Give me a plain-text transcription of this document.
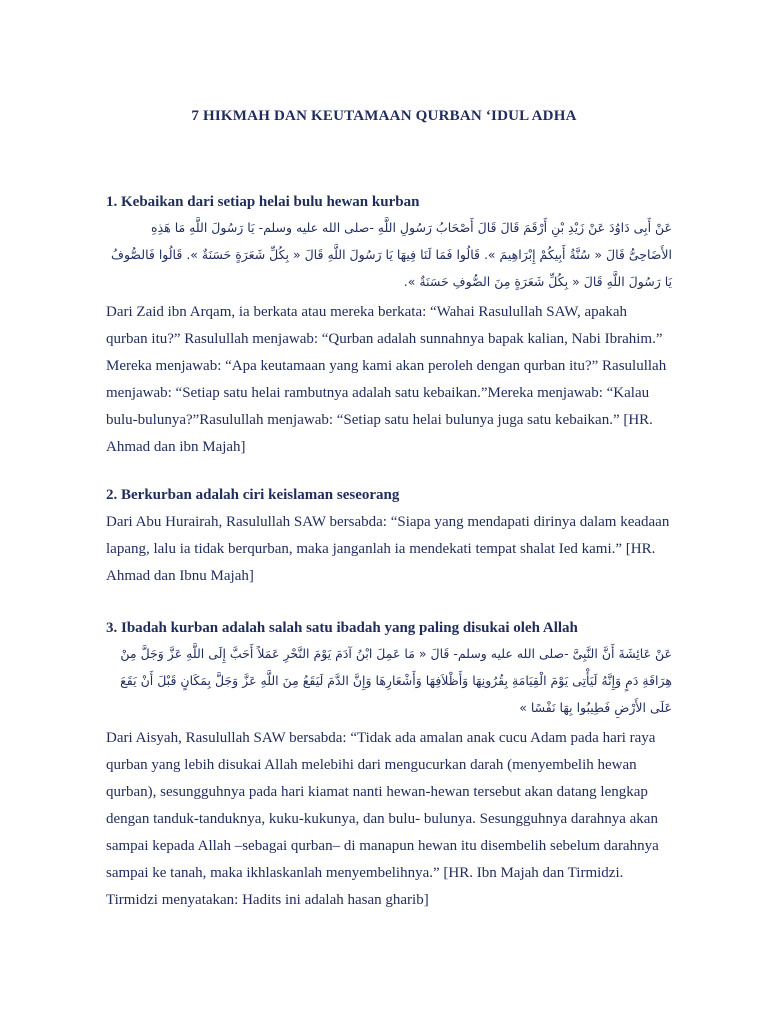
7 HIKMAH DAN KEUTAMAAN QURBAN ‘IDUL ADHA
1. Kebaikan dari setiap helai bulu hewan kurban

عَنْ أَبِى دَاوُدَ عَنْ زَيْدِ بْنِ أَرْقَمَ قَالَ قَالَ أَصْحَابُ رَسُولِ اللَّهِ -صلى الله عليه وسلم- يَا رَسُولَ اللَّهِ مَا هَذِهِ الأَضَاحِىُّ قَالَ « سُنَّةُ أَبِيكُمْ إِبْرَاهِيمَ ». قَالُوا فَمَا لَنَا فِيهَا يَا رَسُولَ اللَّهِ قَالَ « بِكُلِّ شَعَرَةٍ حَسَنَةٌ ». قَالُوا فَالصُّوفُ يَا رَسُولَ اللَّهِ قَالَ « بِكُلِّ شَعَرَةٍ مِنَ الصُّوفِ حَسَنَةٌ ».

Dari Zaid ibn Arqam, ia berkata atau mereka berkata: “Wahai Rasulullah SAW, apakah qurban itu?” Rasulullah menjawab: “Qurban adalah sunnahnya bapak kalian, Nabi Ibrahim.” Mereka menjawab: “Apa keutamaan yang kami akan peroleh dengan qurban itu?” Rasulullah menjawab: “Setiap satu helai rambutnya adalah satu kebaikan.”Mereka menjawab: “Kalau bulu-bulunya?”Rasulullah menjawab: “Setiap satu helai bulunya juga satu kebaikan.” [HR. Ahmad dan ibn Majah]

2. Berkurban adalah ciri keislaman seseorang

Dari Abu Hurairah, Rasulullah SAW bersabda: “Siapa yang mendapati dirinya dalam keadaan lapang, lalu ia tidak berqurban, maka janganlah ia mendekati tempat shalat Ied kami.” [HR. Ahmad dan Ibnu Majah]

3. Ibadah kurban adalah salah satu ibadah yang paling disukai oleh Allah

عَنْ عَائِشَةَ أَنَّ النَّبِىَّ -صلى الله عليه وسلم- قَالَ « مَا عَمِلَ ابْنُ آدَمَ يَوْمَ النَّحْرِ عَمَلاً أَحَبَّ إِلَى اللَّهِ عَزَّ وَجَلَّ مِنْ هِرَاقَةِ دَمٍ وَإِنَّهُ لَيَأْتِى يَوْمَ الْقِيَامَةِ بِقُرُونِهَا وَأَظْلاَفِهَا وَأَشْعَارِهَا وَإِنَّ الدَّمَ لَيَقَعُ مِنَ اللَّهِ عَزَّ وَجَلَّ بِمَكَانٍ قَبْلَ أَنْ يَقَعَ عَلَى الأَرْضِ فَطِيبُوا بِهَا نَفْسًا »

Dari Aisyah, Rasulullah SAW bersabda: “Tidak ada amalan anak cucu Adam pada hari raya qurban yang lebih disukai Allah melebihi dari mengucurkan darah (menyembelih hewan qurban), sesungguhnya pada hari kiamat nanti hewan-hewan tersebut akan datang lengkap dengan tanduk-tanduknya, kuku-kukunya, dan bulu- bulunya. Sesungguhnya darahnya akan sampai kepada Allah –sebagai qurban– di manapun hewan itu disembelih sebelum darahnya sampai ke tanah, maka ikhlaskanlah menyembelihnya.” [HR. Ibn Majah dan Tirmidzi. Tirmidzi menyatakan: Hadits ini adalah hasan gharib]
